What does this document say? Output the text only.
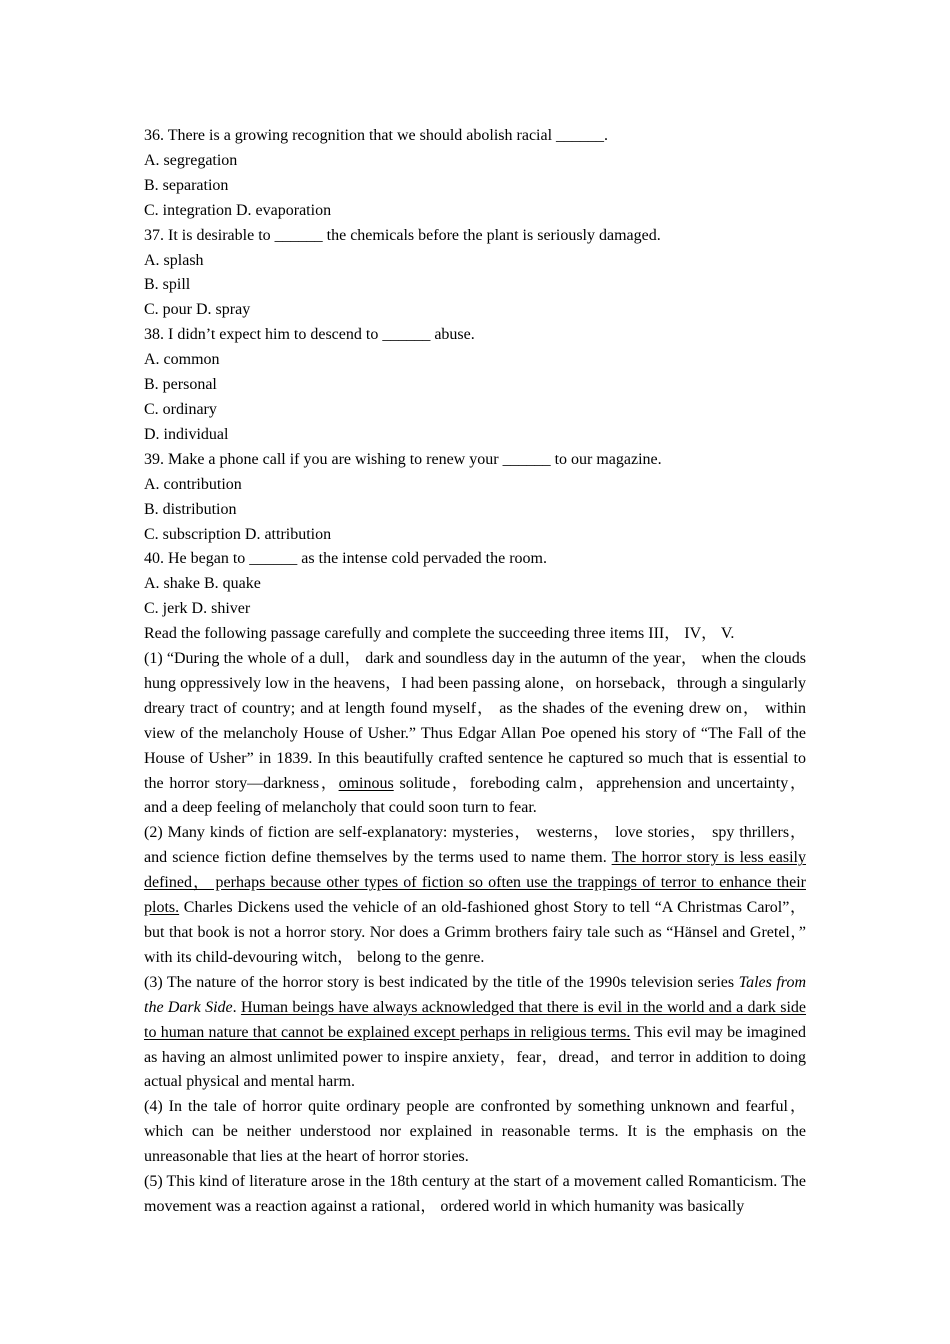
36. There is a growing recognition that we should abolish racial ______.

A. segregation

B. separation

C. integration D. evaporation

37. It is desirable to ______ the chemicals before the plant is seriously damaged.

A. splash

B. spill

C. pour D. spray

38. I didn’t expect him to descend to ______ abuse.

A. common

B. personal

C. ordinary

D. individual

39. Make a phone call if you are wishing to renew your ______ to our magazine.

A. contribution

B. distribution

C. subscription D. attribution

40. He began to ______ as the intense cold pervaded the room.

A. shake B. quake

C. jerk D. shiver

Read the following passage carefully and complete the succeeding three items III， IV， V.

(1) “During the whole of a dull， dark and soundless day in the autumn of the year， when the clouds hung oppressively low in the heavens，I had been passing alone，on horseback，through a singularly dreary tract of country; and at length found myself， as the shades of the evening drew on， within view of the melancholy House of Usher.” Thus Edgar Allan Poe opened his story of “The Fall of the House of Usher” in 1839. In this beautifully crafted sentence he captured so much that is essential to the horror story—darkness，ominous solitude，foreboding calm，apprehension and uncertainty， and a deep feeling of melancholy that could soon turn to fear.

(2) Many kinds of fiction are self-explanatory: mysteries， westerns， love stories， spy thrillers， and science fiction define themselves by the terms used to name them. The horror story is less easily defined， perhaps because other types of fiction so often use the trappings of terror to enhance their plots. Charles Dickens used the vehicle of an old-fashioned ghost Story to tell “A Christmas Carol”， but that book is not a horror story. Nor does a Grimm brothers fairy tale such as “Hänsel and Gretel，” with its child-devouring witch， belong to the genre.

(3) The nature of the horror story is best indicated by the title of the 1990s television series Tales from the Dark Side. Human beings have always acknowledged that there is evil in the world and a dark side to human nature that cannot be explained except perhaps in religious terms. This evil may be imagined as having an almost unlimited power to inspire anxiety，fear，dread，and terror in addition to doing actual physical and mental harm.

(4) In the tale of horror quite ordinary people are confronted by something unknown and fearful， which can be neither understood nor explained in reasonable terms. It is the emphasis on the unreasonable that lies at the heart of horror stories.

(5) This kind of literature arose in the 18th century at the start of a movement called Romanticism. The movement was a reaction against a rational， ordered world in which humanity was basically
